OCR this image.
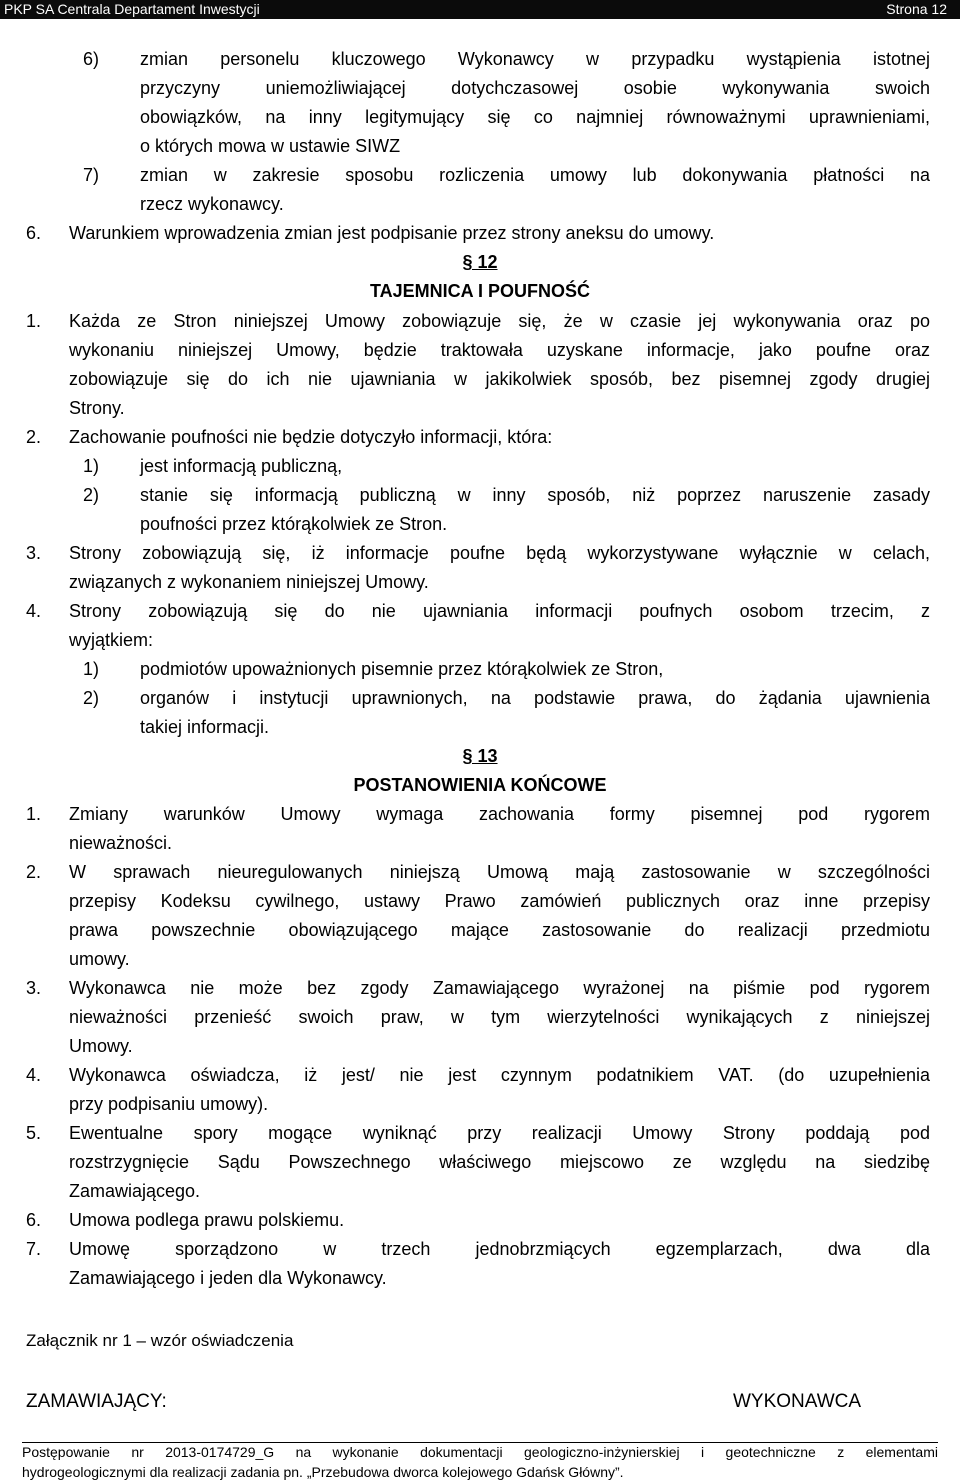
PKP SA Centrala Departament Inwestycji	Strona 12
6) zmian personelu kluczowego Wykonawcy w przypadku wystąpienia istotnej
przyczyny uniemożliwiającej dotychczasowej osobie wykonywania swoich
obowiązków, na inny legitymujący się co najmniej równoważnymi uprawnieniami,
o których mowa w ustawie SIWZ
7) zmian w zakresie sposobu rozliczenia umowy lub dokonywania płatności na
rzecz wykonawcy.
6. Warunkiem wprowadzenia zmian jest podpisanie przez strony aneksu do umowy.
§ 12
TAJEMNICA I POUFNOŚĆ
1. Każda ze Stron niniejszej Umowy zobowiązuje się, że w czasie jej wykonywania oraz po
wykonaniu niniejszej Umowy, będzie traktowała uzyskane informacje, jako poufne oraz
zobowiązuje się do ich nie ujawniania w jakikolwiek sposób, bez pisemnej zgody drugiej
Strony.
2. Zachowanie poufności nie będzie dotyczyło informacji, która:
1) jest informacją publiczną,
2) stanie się informacją publiczną w inny sposób, niż poprzez naruszenie zasady
poufności przez którąkolwiek ze Stron.
3. Strony zobowiązują się, iż informacje poufne będą wykorzystywane wyłącznie w celach,
związanych z wykonaniem niniejszej Umowy.
4. Strony zobowiązują się do nie ujawniania informacji poufnych osobom trzecim, z
wyjątkiem:
1) podmiotów upoważnionych pisemnie przez którąkolwiek ze Stron,
2) organów i instytucji uprawnionych, na podstawie prawa, do żądania ujawnienia
takiej informacji.
§ 13
POSTANOWIENIA KOŃCOWE
1. Zmiany warunków Umowy wymaga zachowania formy pisemnej pod rygorem
nieważności.
2. W sprawach nieuregulowanych niniejszą Umową mają zastosowanie w szczególności
przepisy Kodeksu cywilnego, ustawy Prawo zamówień publicznych oraz inne przepisy
prawa powszechnie obowiązującego mające zastosowanie do realizacji przedmiotu
umowy.
3. Wykonawca nie może bez zgody Zamawiającego wyrażonej na piśmie pod rygorem
nieważności przenieść swoich praw, w tym wierzytelności wynikających z niniejszej
Umowy.
4. Wykonawca oświadcza, iż jest/ nie jest czynnym podatnikiem VAT. (do uzupełnienia
przy podpisaniu umowy).
5. Ewentualne spory mogące wyniknąć przy realizacji Umowy Strony poddają pod
rozstrzygnięcie Sądu Powszechnego właściwego miejscowo ze względu na siedzibę
Zamawiającego.
6. Umowa podlega prawu polskiemu.
7. Umowę sporządzono w trzech jednobrzmiących egzemplarzach, dwa dla
Zamawiającego i jeden dla Wykonawcy.
Załącznik nr 1 – wzór oświadczenia
ZAMAWIAJĄCY:	WYKONAWCA
Postępowanie nr 2013-0174729_G na wykonanie dokumentacji geologiczno-inżynierskiej i geotechniczne z elementami
hydrogeologicznymi dla realizacji zadania pn. „Przebudowa dworca kolejowego Gdańsk Główny”.
